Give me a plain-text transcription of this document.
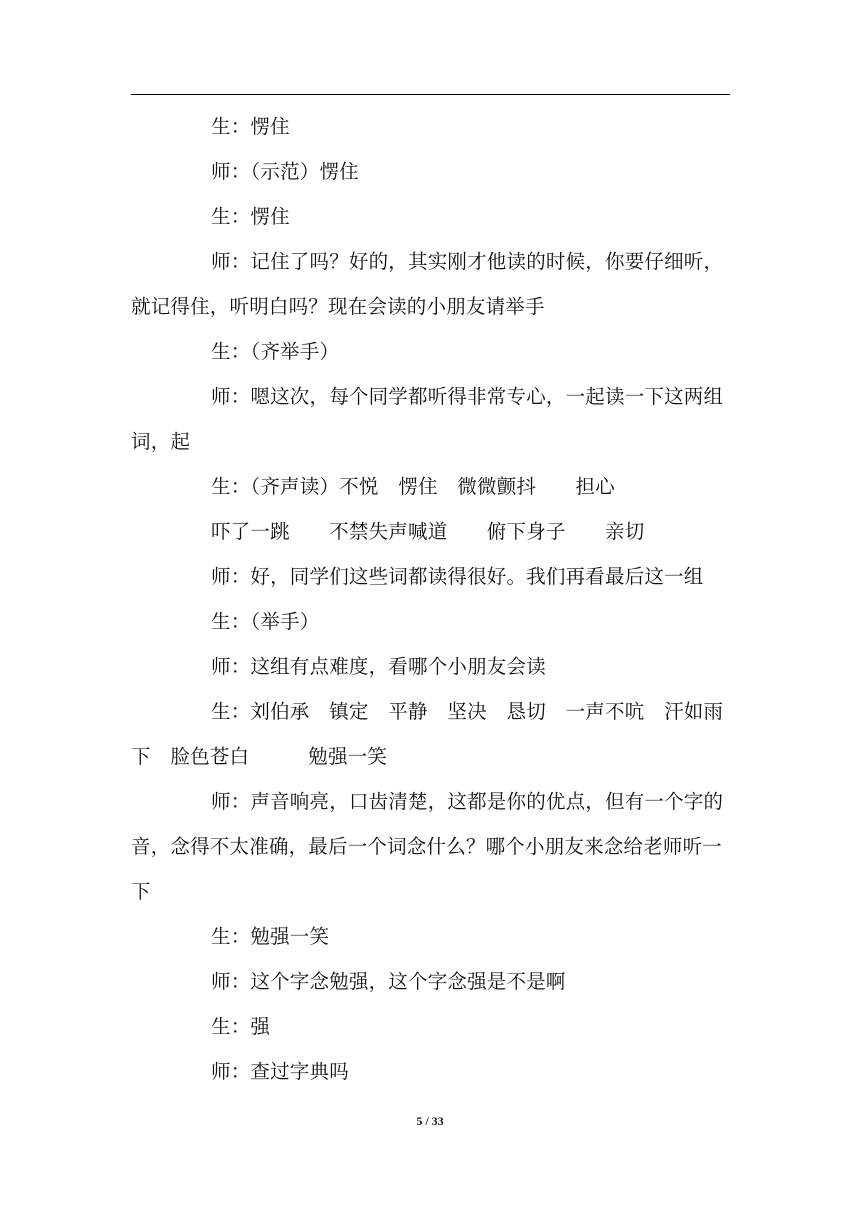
生：愣住

师：（示范）愣住

生：愣住

师：记住了吗？好的，其实刚才他读的时候，你要仔细听，
就记得住，听明白吗？现在会读的小朋友请举手

生：（齐举手）

师：嗯这次，每个同学都听得非常专心，一起读一下这两组
词，起

生：（齐声读）不悦　愣住　微微颤抖　　担心

吓了一跳　　不禁失声喊道　　俯下身子　　亲切

师：好，同学们这些词都读得很好。我们再看最后这一组

生：（举手）

师：这组有点难度，看哪个小朋友会读

生：刘伯承　镇定　平静　坚决　恳切　一声不吭　汗如雨
下　脸色苍白　　　勉强一笑

师：声音响亮，口齿清楚，这都是你的优点，但有一个字的
音，念得不太准确，最后一个词念什么？哪个小朋友来念给老师听一
下

生：勉强一笑

师：这个字念勉强，这个字念强是不是啊

生：强

师：查过字典吗

5 / 33
